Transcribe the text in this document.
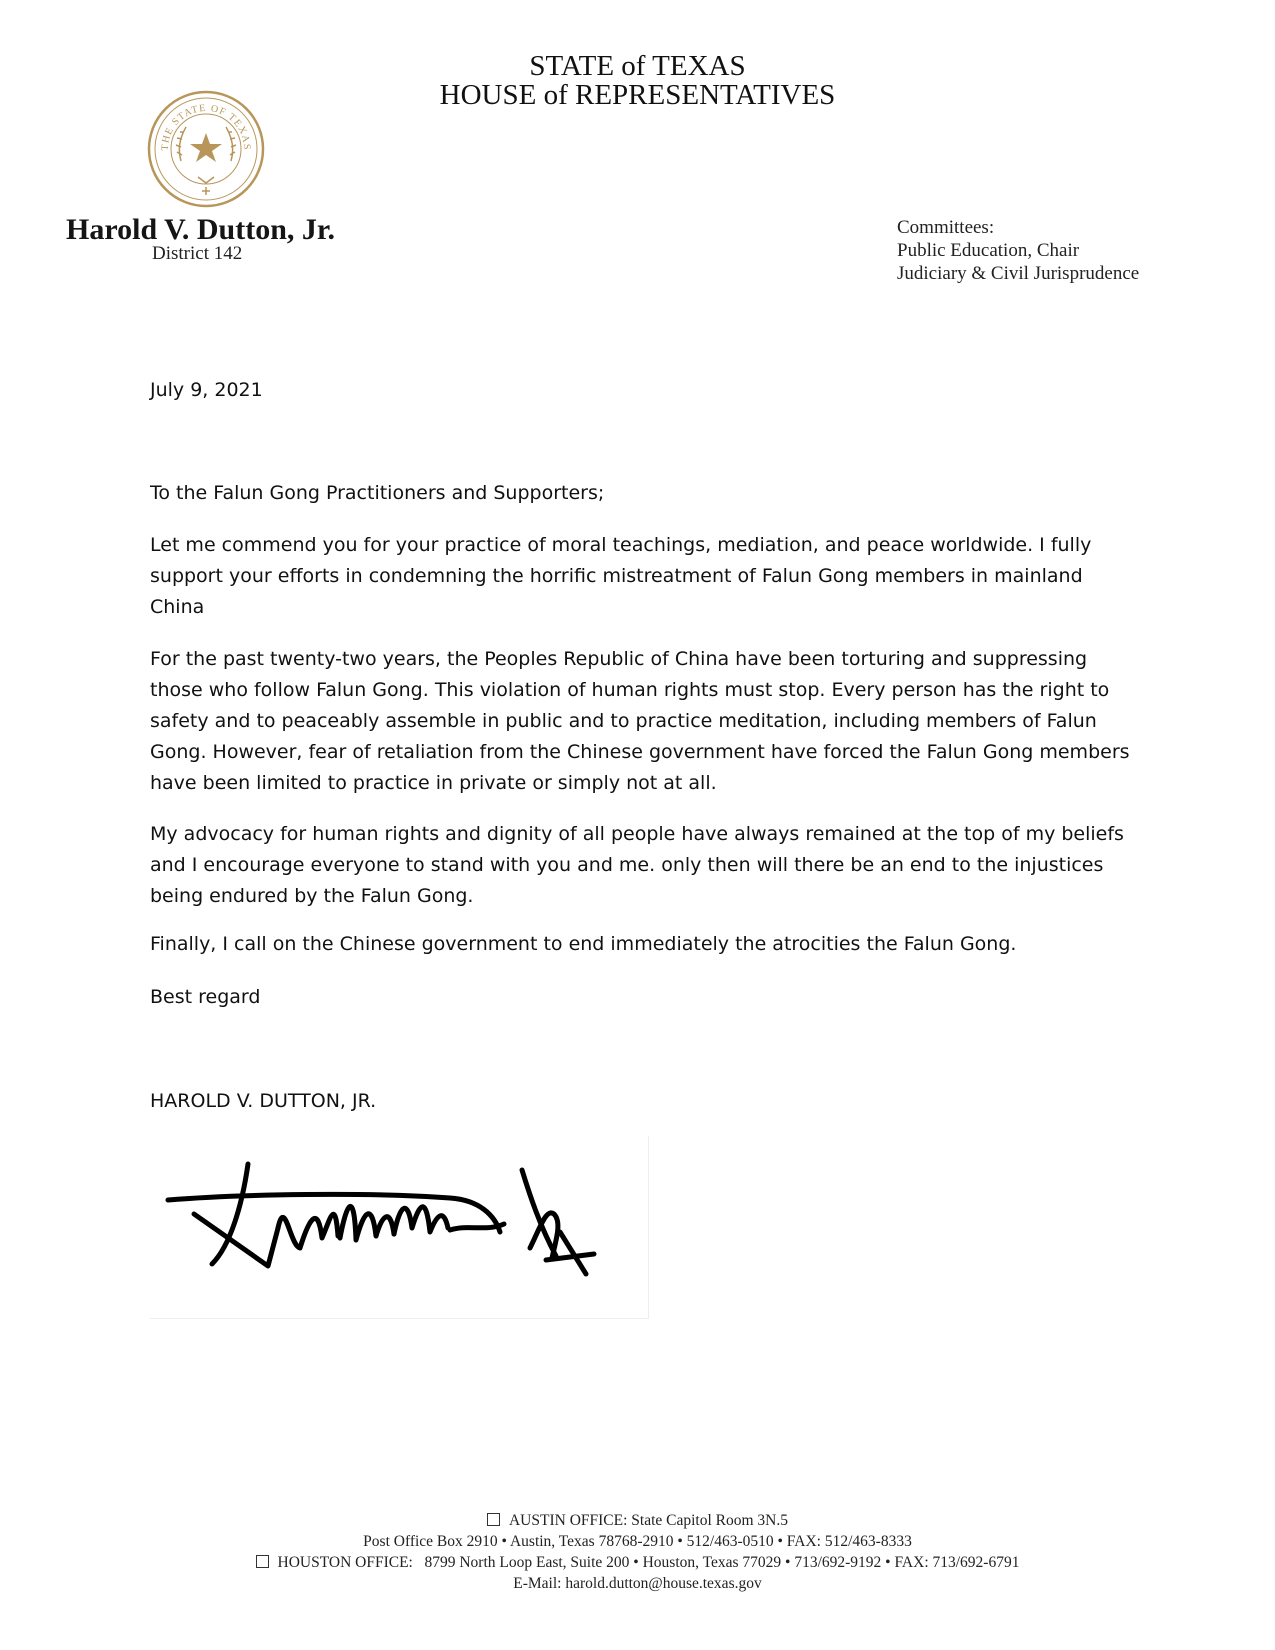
STATE of TEXAS
HOUSE of REPRESENTATIVES
THE STATE OF TEXAS
Harold V. Dutton, Jr.
District 142
Committees:
Public Education, Chair
Judiciary & Civil Jurisprudence
July 9, 2021
To the Falun Gong Practitioners and Supporters;
Let me commend you for your practice of moral teachings, mediation, and peace worldwide. I fully support your efforts in condemning the horrific mistreatment of Falun Gong members in mainland China
For the past twenty-two years, the Peoples Republic of China have been torturing and suppressing those who follow Falun Gong. This violation of human rights must stop. Every person has the right to safety and to peaceably assemble in public and to practice meditation, including members of Falun Gong. However, fear of retaliation from the Chinese government have forced the Falun Gong members have been limited to practice in private or simply not at all.
My advocacy for human rights and dignity of all people have always remained at the top of my beliefs and I encourage everyone to stand with you and me. only then will there be an end to the injustices being endured by the Falun Gong.
Finally, I call on the Chinese government to end immediately the atrocities the Falun Gong.
Best regard
HAROLD V. DUTTON, JR.
AUSTIN OFFICE: State Capitol Room 3N.5
Post Office Box 2910 • Austin, Texas 78768-2910 • 512/463-0510 • FAX: 512/463-8333
HOUSTON OFFICE:   8799 North Loop East, Suite 200 • Houston, Texas 77029 • 713/692-9192 • FAX: 713/692-6791
E-Mail: harold.dutton@house.texas.gov
